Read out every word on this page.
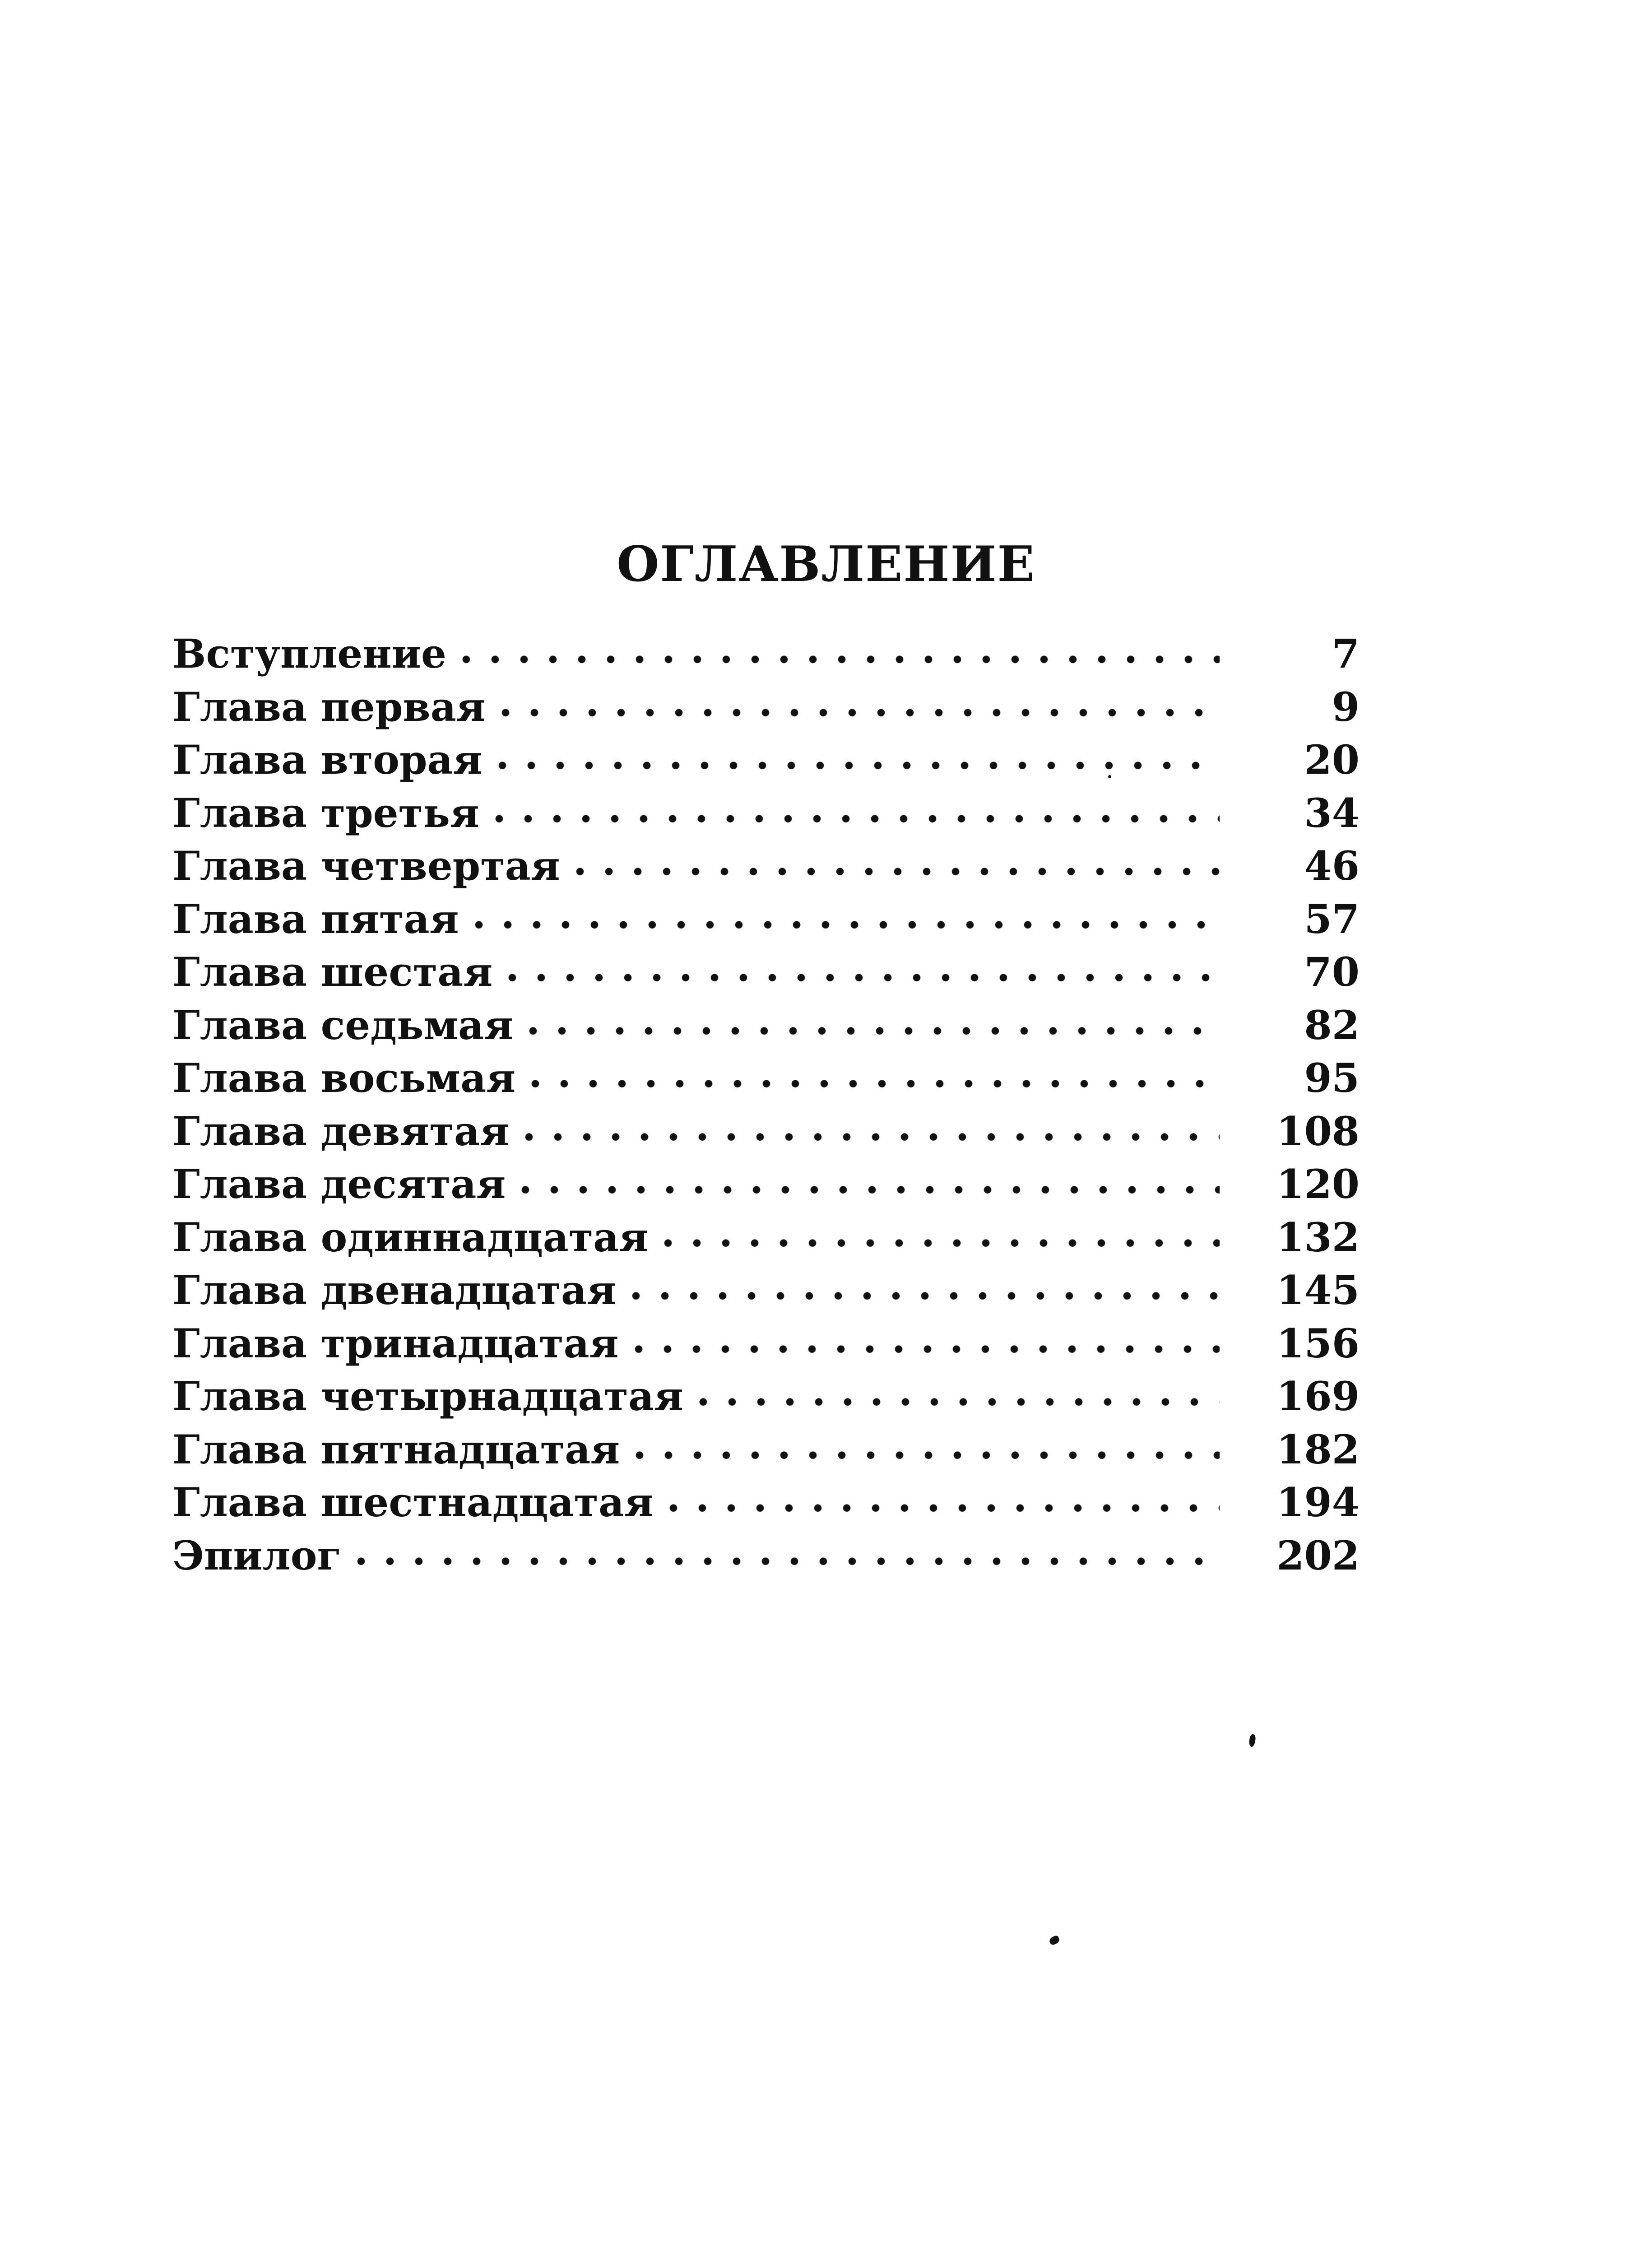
ОГЛАВЛЕНИЕ
Вступление	7
Глава первая	9
Глава вторая	20
Глава третья	34
Глава четвертая	46
Глава пятая	57
Глава шестая	70
Глава седьмая	82
Глава восьмая	95
Глава девятая	108
Глава десятая	120
Глава одиннадцатая	132
Глава двенадцатая	145
Глава тринадцатая	156
Глава четырнадцатая	169
Глава пятнадцатая	182
Глава шестнадцатая	194
Эпилог	202
